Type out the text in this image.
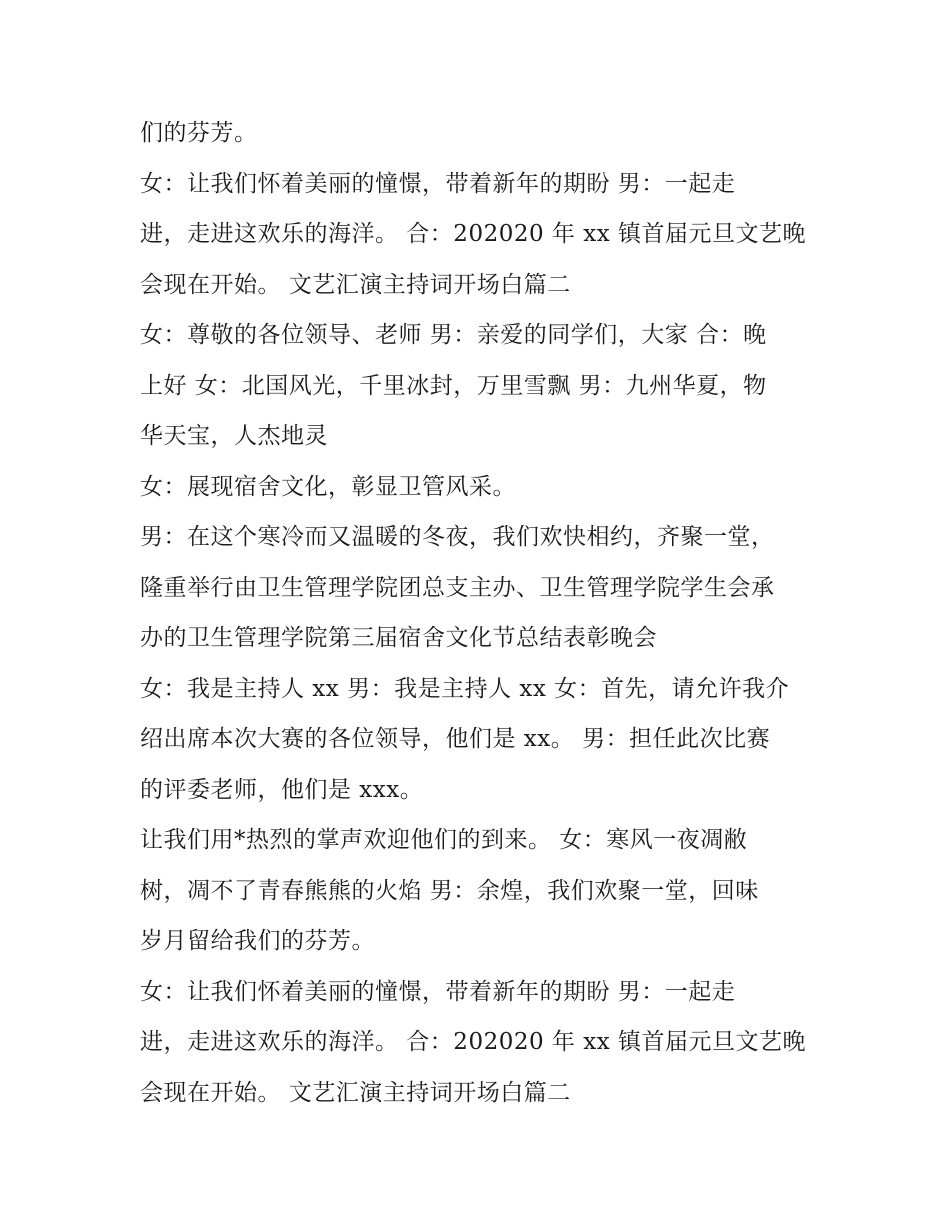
们的芬芳。
女：让我们怀着美丽的憧憬，带着新年的期盼 男：一起走
进，走进这欢乐的海洋。 合：202020 年 xx 镇首届元旦文艺晚
会现在开始。 文艺汇演主持词开场白篇二
女：尊敬的各位领导、老师 男：亲爱的同学们，大家 合：晚
上好 女：北国风光，千里冰封，万里雪飘 男：九州华夏，物
华天宝，人杰地灵
女：展现宿舍文化，彰显卫管风采。
男：在这个寒冷而又温暖的冬夜，我们欢快相约，齐聚一堂，
隆重举行由卫生管理学院团总支主办、卫生管理学院学生会承
办的卫生管理学院第三届宿舍文化节总结表彰晚会
女：我是主持人 xx 男：我是主持人 xx 女：首先，请允许我介
绍出席本次大赛的各位领导，他们是 xx。 男：担任此次比赛
的评委老师，他们是 xxx。
让我们用*热烈的掌声欢迎他们的到来。 女：寒风一夜凋敝
树，凋不了青春熊熊的火焰 男：余煌，我们欢聚一堂，回味
岁月留给我们的芬芳。
女：让我们怀着美丽的憧憬，带着新年的期盼 男：一起走
进，走进这欢乐的海洋。 合：202020 年 xx 镇首届元旦文艺晚
会现在开始。 文艺汇演主持词开场白篇二
